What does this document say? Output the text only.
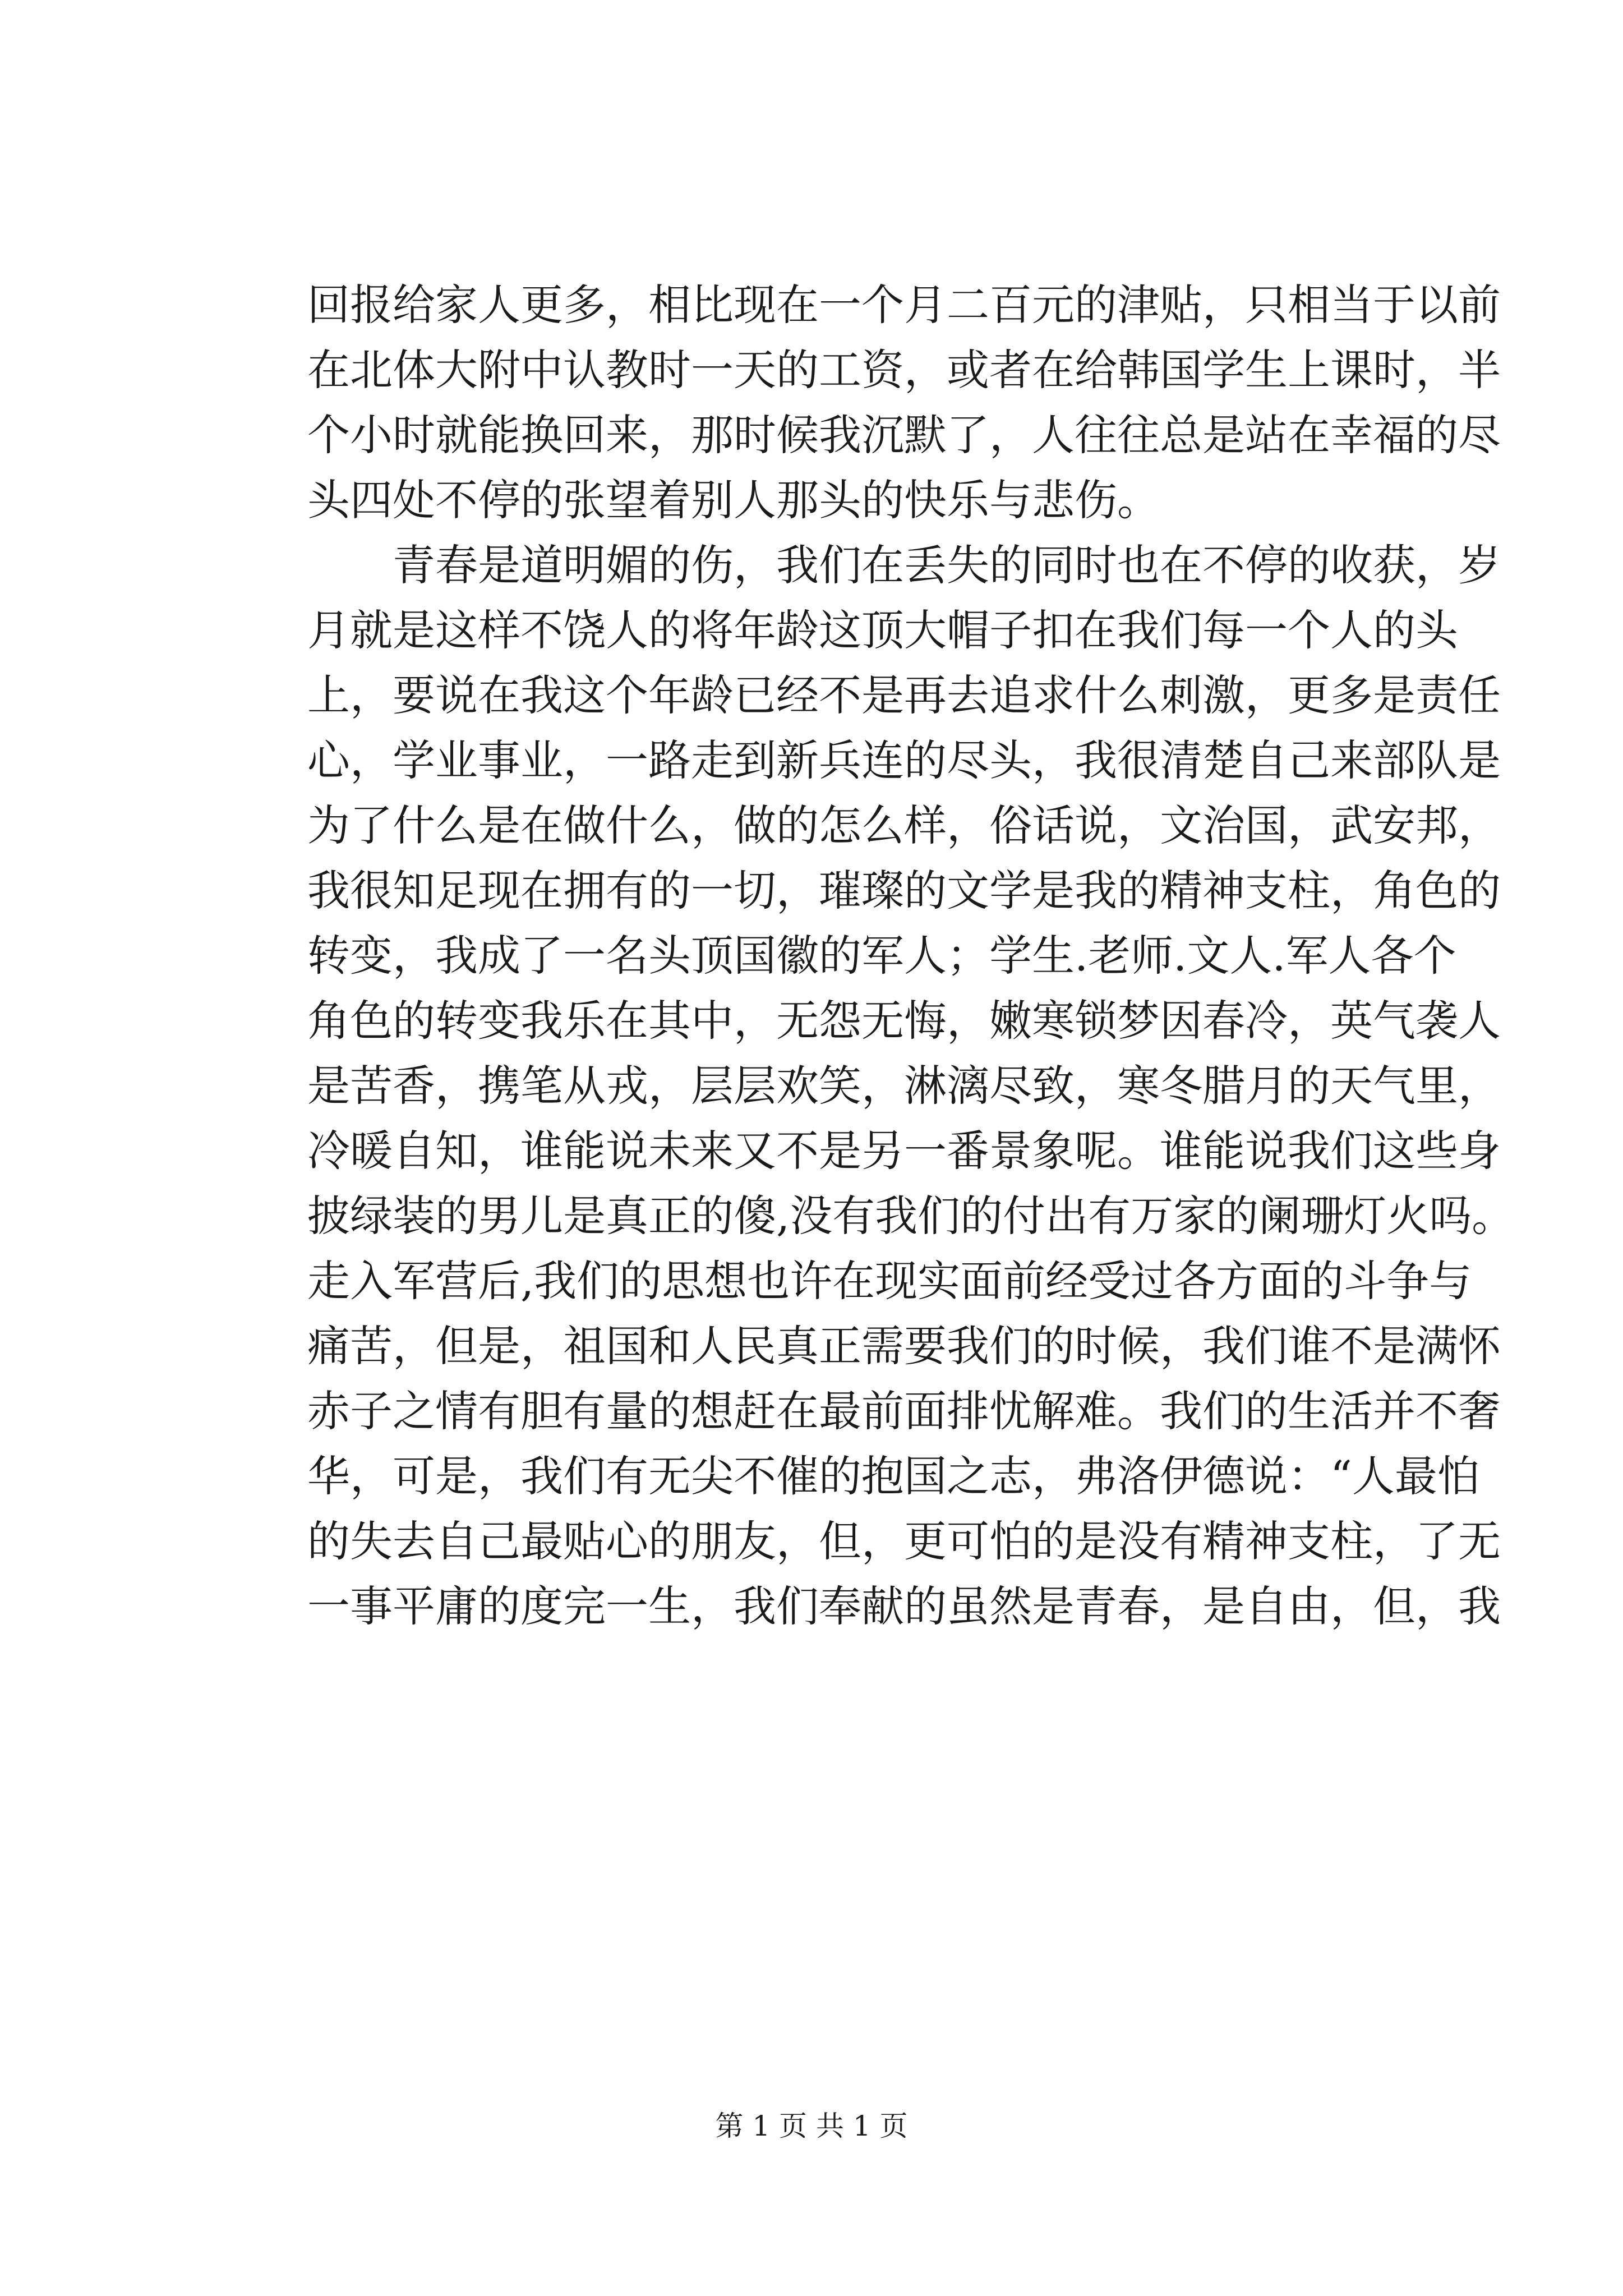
回报给家人更多，相比现在一个月二百元的津贴，只相当于以前
在北体大附中认教时一天的工资，或者在给韩国学生上课时，半
个小时就能换回来，那时候我沉默了，人往往总是站在幸福的尽
头四处不停的张望着别人那头的快乐与悲伤。
青春是道明媚的伤，我们在丢失的同时也在不停的收获，岁
月就是这样不饶人的将年龄这顶大帽子扣在我们每一个人的头
上，要说在我这个年龄已经不是再去追求什么刺激，更多是责任
心，学业事业，一路走到新兵连的尽头，我很清楚自己来部队是
为了什么是在做什么，做的怎么样，俗话说，文治国，武安邦，
我很知足现在拥有的一切，璀璨的文学是我的精神支柱，角色的
转变，我成了一名头顶国徽的军人；学生.老师.文人.军人各个
角色的转变我乐在其中，无怨无悔，嫩寒锁梦因春冷，英气袭人
是苦香，携笔从戎，层层欢笑，淋漓尽致，寒冬腊月的天气里，
冷暖自知，谁能说未来又不是另一番景象呢。谁能说我们这些身
披绿装的男儿是真正的傻,没有我们的付出有万家的阑珊灯火吗。
走入军营后,我们的思想也许在现实面前经受过各方面的斗争与
痛苦，但是，祖国和人民真正需要我们的时候，我们谁不是满怀
赤子之情有胆有量的想赶在最前面排忧解难。我们的生活并不奢
华，可是，我们有无尖不催的抱国之志，弗洛伊德说：“人最怕
的失去自己最贴心的朋友，但，更可怕的是没有精神支柱，了无
一事平庸的度完一生，我们奉献的虽然是青春，是自由，但，我
第 1 页 共 1 页
